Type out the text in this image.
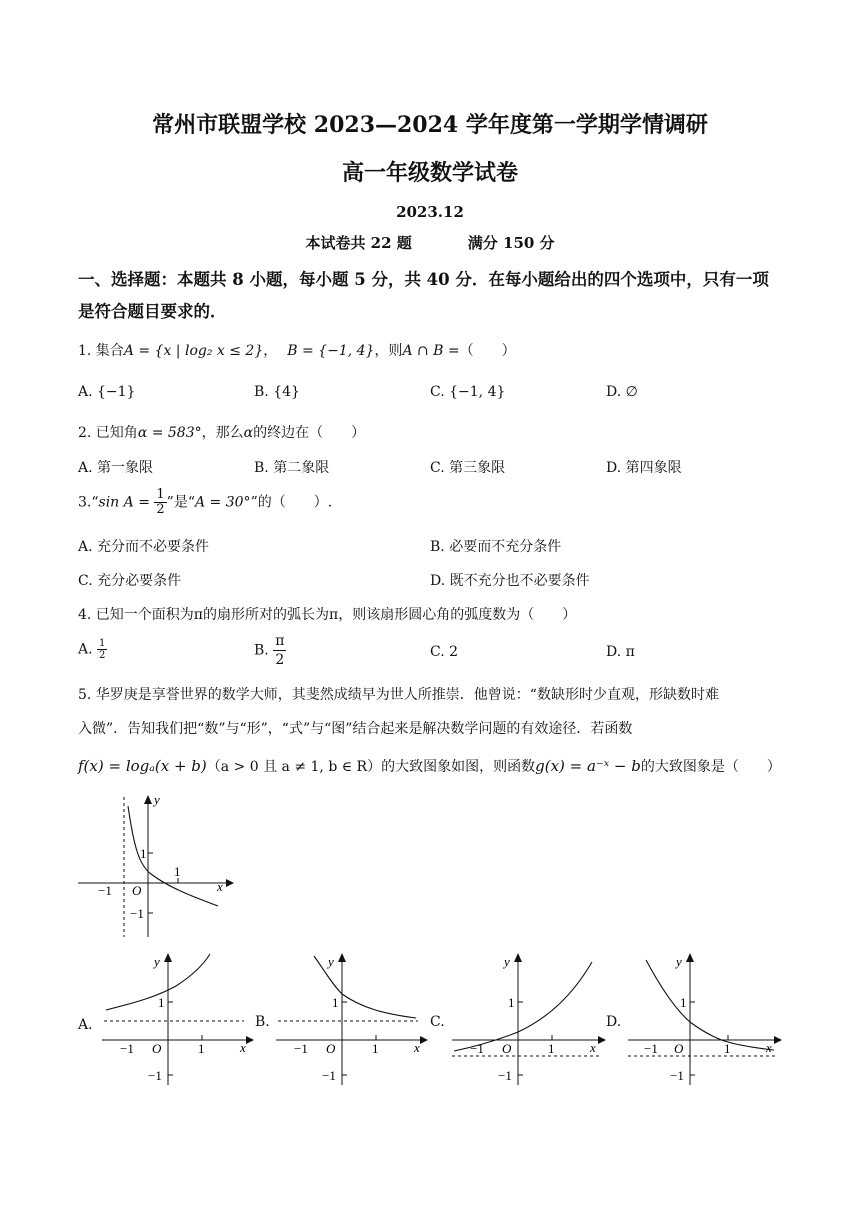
常州市联盟学校 2023—2024 学年度第一学期学情调研
高一年级数学试卷
2023.12
本试卷共 22 题	满分 150 分
一、选择题：本题共 8 小题，每小题 5 分，共 40 分．在每小题给出的四个选项中，只有一项
是符合题目要求的．
1. 集合A = {x | log₂ x ≤ 2}， B = {−1, 4}，则A ∩ B =（　　）
A. {−1}	B. {4}	C. {−1, 4}	D. ∅
2. 已知角α = 583°，那么α的终边在（　　）
A. 第一象限	B. 第二象限	C. 第三象限	D. 第四象限
3.“sin $A = \frac{1}{2}$ ”是“A = 30°”的（　　）.
A. 充分而不必要条件	B. 必要而不充分条件
C. 充分必要条件	D. 既不充分也不必要条件
4. 已知一个面积为π的扇形所对的弧长为π，则该扇形圆心角的弧度数为（　　）
A. $\frac{1}{2}$	B. $\frac{\pi}{2}$	C. 2	D. π
5. 华罗庚是享誉世界的数学大师，其斐然成绩早为世人所推崇．他曾说：“数缺形时少直观，形缺数时难
入微”．告知我们把“数”与“形”，“式”与“图”结合起来是解决数学问题的有效途径．若函数
f(x) = logₐ(x + b)（a > 0 且 a ≠ 1, b ∈ R）的大致图象如图，则函数g(x) = a⁻ˣ − b的大致图象是（　　）
y
x
O
1
1
−1
−1
A．
y
x
O
1
1
−1
−1
B.
y
x
O
1
1
−1
−1
C.
y
x
O
1
1
−1
−1
D.
y
x
O
1
1
−1
−1
